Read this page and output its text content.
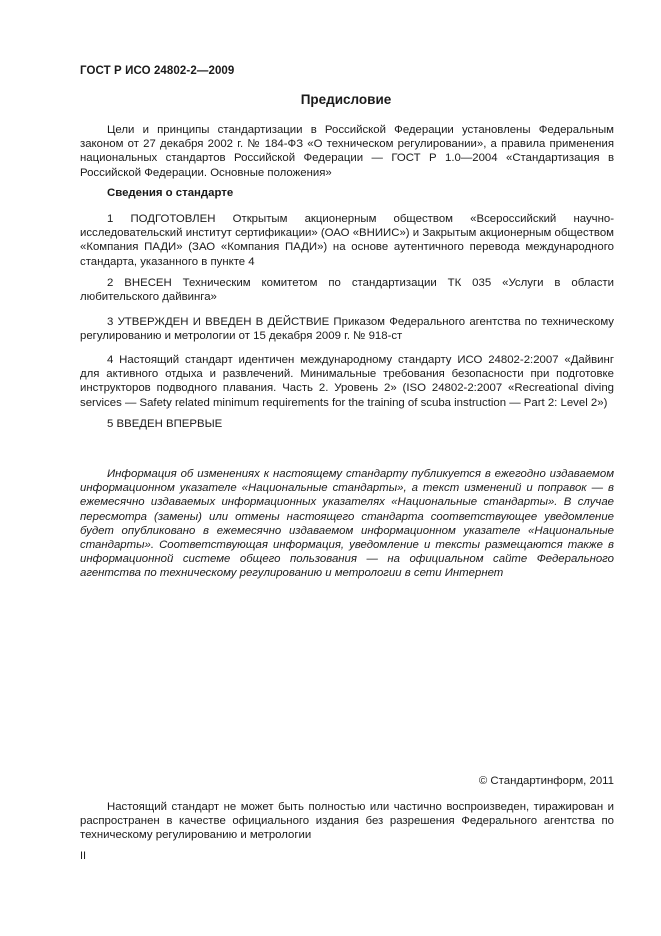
ГОСТ Р ИСО 24802-2—2009
Предисловие
Цели и принципы стандартизации в Российской Федерации установлены Федеральным законом от 27 декабря 2002 г. № 184-ФЗ «О техническом регулировании», а правила применения национальных стандартов Российской Федерации — ГОСТ Р 1.0—2004 «Стандартизация в Российской Федерации. Основные положения»
Сведения о стандарте
1 ПОДГОТОВЛЕН Открытым акционерным обществом «Всероссийский научно-исследовательский институт сертификации» (ОАО «ВНИИС») и Закрытым акционерным обществом «Компания ПАДИ» (ЗАО «Компания ПАДИ») на основе аутентичного перевода международного стандарта, указанного в пункте 4
2 ВНЕСЕН Техническим комитетом по стандартизации ТК 035 «Услуги в области любительского дайвинга»
3 УТВЕРЖДЕН И ВВЕДЕН В ДЕЙСТВИЕ Приказом Федерального агентства по техническому регулированию и метрологии от 15 декабря 2009 г. № 918-ст
4 Настоящий стандарт идентичен международному стандарту ИСО 24802-2:2007 «Дайвинг для активного отдыха и развлечений. Минимальные требования безопасности при подготовке инструкторов подводного плавания. Часть 2. Уровень 2» (ISO 24802-2:2007 «Recreational diving services — Safety related minimum requirements for the training of scuba instruction — Part 2: Level 2»)
5 ВВЕДЕН ВПЕРВЫЕ
Информация об изменениях к настоящему стандарту публикуется в ежегодно издаваемом информационном указателе «Национальные стандарты», а текст изменений и поправок — в ежемесячно издаваемых информационных указателях «Национальные стандарты». В случае пересмотра (замены) или отмены настоящего стандарта соответствующее уведомление будет опубликовано в ежемесячно издаваемом информационном указателе «Национальные стандарты». Соответствующая информация, уведомление и тексты размещаются также в информационной системе общего пользования — на официальном сайте Федерального агентства по техническому регулированию и метрологии в сети Интернет
© Стандартинформ, 2011
Настоящий стандарт не может быть полностью или частично воспроизведен, тиражирован и распространен в качестве официального издания без разрешения Федерального агентства по техническому регулированию и метрологии
II
